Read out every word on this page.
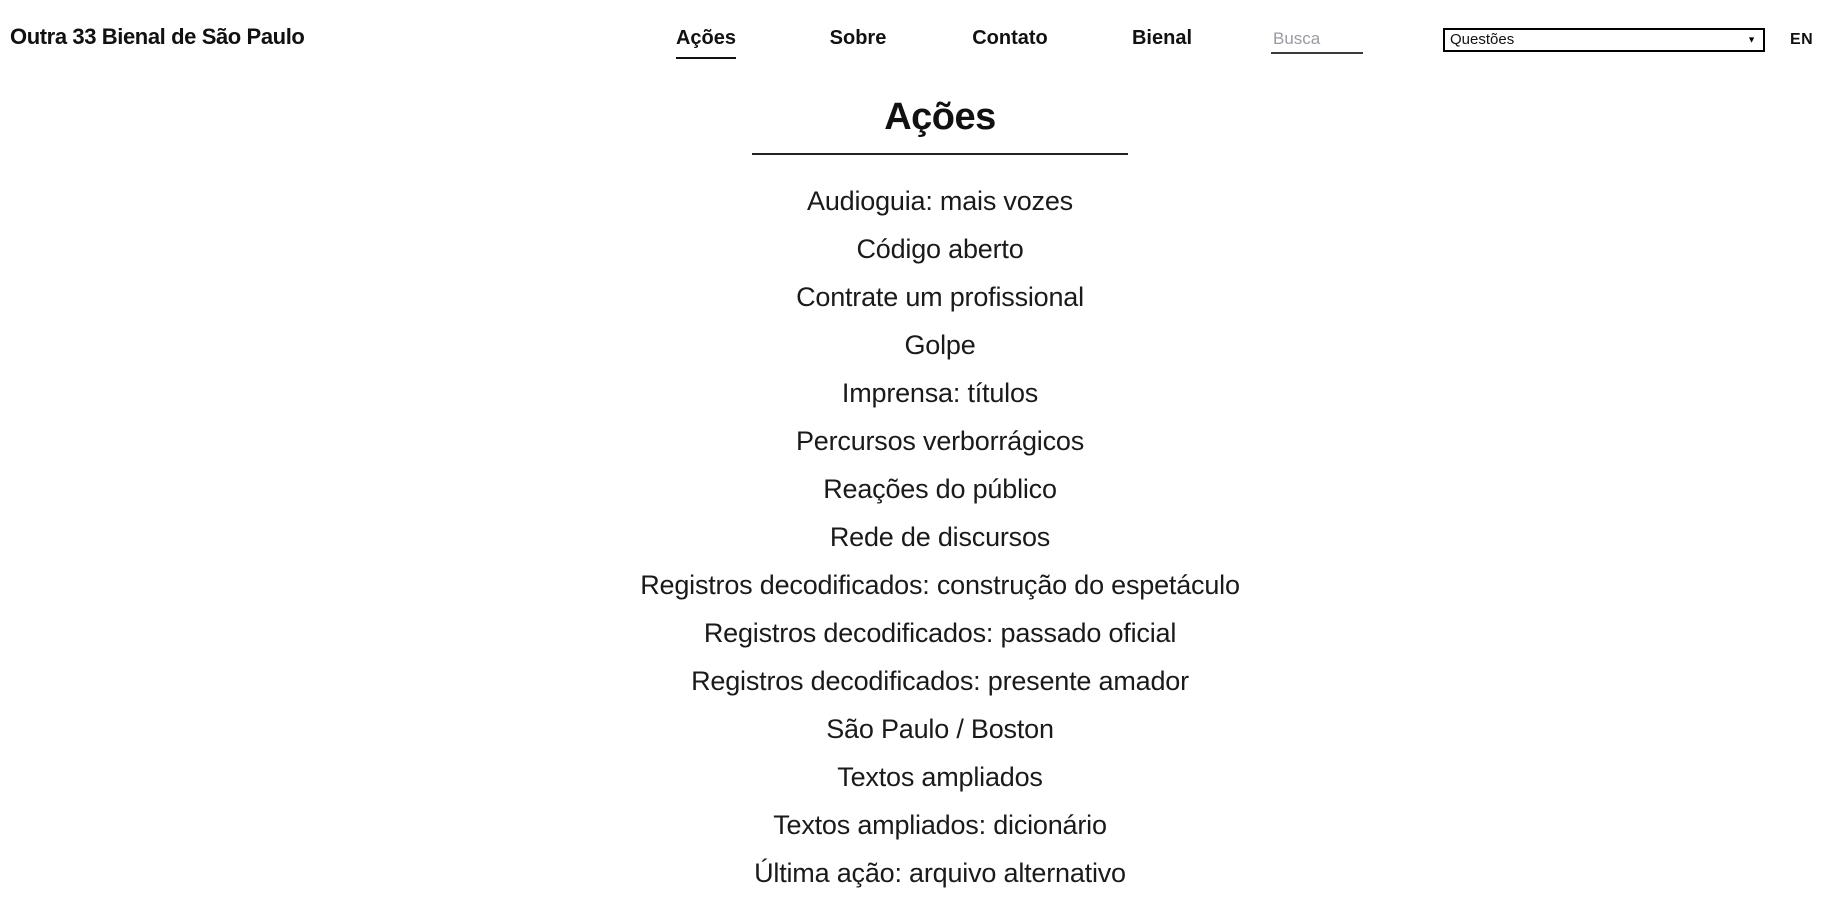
Outra 33 Bienal de São Paulo	Ações	Sobre	Contato	Bienal
Busca
Questões	▼ EN
Ações
Audioguia: mais vozes
Código aberto
Contrate um profissional
Golpe
Imprensa: títulos
Percursos verborrágicos
Reações do público
Rede de discursos
Registros decodificados: construção do espetáculo
Registros decodificados: passado oficial
Registros decodificados: presente amador
São Paulo / Boston
Textos ampliados
Textos ampliados: dicionário
Última ação: arquivo alternativo
